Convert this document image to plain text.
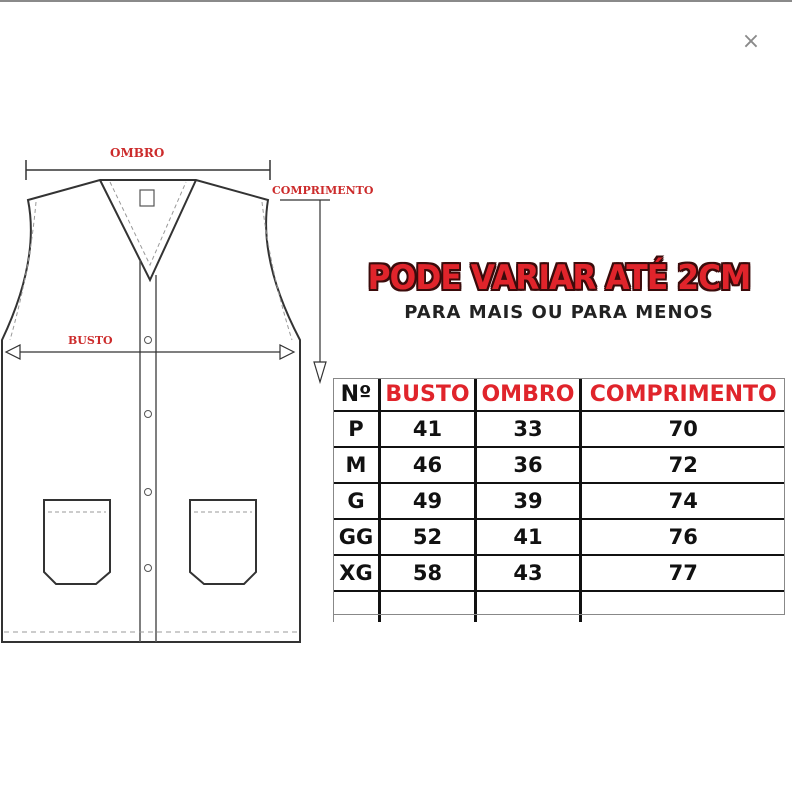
×
OMBRO
COMPRIMENTO
BUSTO
PODE VARIAR ATÉ 2CM
PARA MAIS OU PARA MENOS
Nº	BUSTO	OMBRO	COMPRIMENTO
P	41	33	70
M	46	36	72
G	49	39	74
GG	52	41	76
XG	58	43	77
